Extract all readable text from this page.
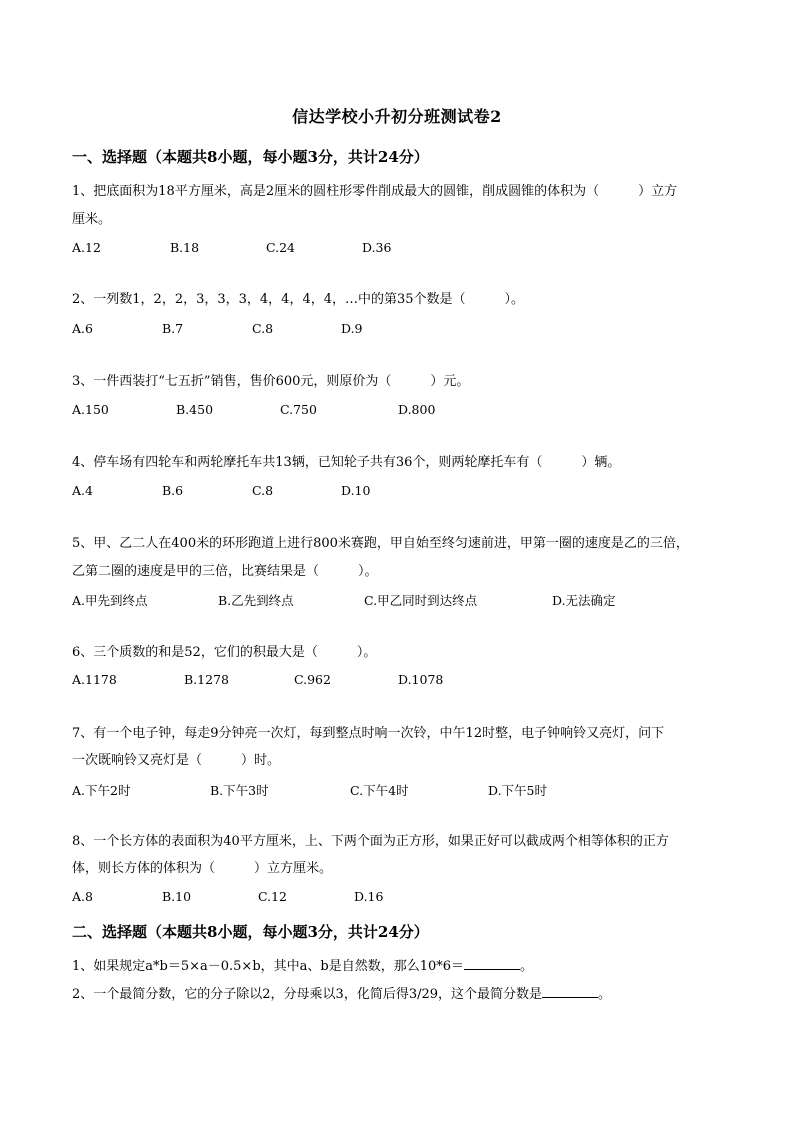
信达学校小升初分班测试卷2
一、选择题（本题共8小题，每小题3分，共计24分）
1、把底面积为18平方厘米，高是2厘米的圆柱形零件削成最大的圆锥，削成圆锥的体积为（　　　）立方
厘米。
A.12	B.18	C.24	D.36
2、一列数1，2，2，3，3，3，4，4，4，4，…中的第35个数是（　　　）。
A.6	B.7	C.8	D.9
3、一件西装打“七五折”销售，售价600元，则原价为（　　　）元。
A.150	B.450	C.750	D.800
4、停车场有四轮车和两轮摩托车共13辆，已知轮子共有36个，则两轮摩托车有（　　　）辆。
A.4	B.6	C.8	D.10
5、甲、乙二人在400米的环形跑道上进行800米赛跑，甲自始至终匀速前进，甲第一圈的速度是乙的三倍，
乙第二圈的速度是甲的三倍，比赛结果是（　　　）。
A.甲先到终点	B.乙先到终点	C.甲乙同时到达终点	D.无法确定
6、三个质数的和是52，它们的积最大是（　　　）。
A.1178	B.1278	C.962	D.1078
7、有一个电子钟，每走9分钟亮一次灯，每到整点时响一次铃，中午12时整，电子钟响铃又亮灯，问下
一次既响铃又亮灯是（　　　）时。
A.下午2时	B.下午3时	C.下午4时	D.下午5时
8、一个长方体的表面积为40平方厘米，上、下两个面为正方形，如果正好可以截成两个相等体积的正方
体，则长方体的体积为（　　　）立方厘米。
A.8	B.10	C.12	D.16
二、选择题（本题共8小题，每小题3分，共计24分）
1、如果规定a*b＝5×a－0.5×b，其中a、b是自然数，那么10*6＝	。
2、一个最简分数，它的分子除以2，分母乘以3，化简后得3/29，这个最简分数是	。
